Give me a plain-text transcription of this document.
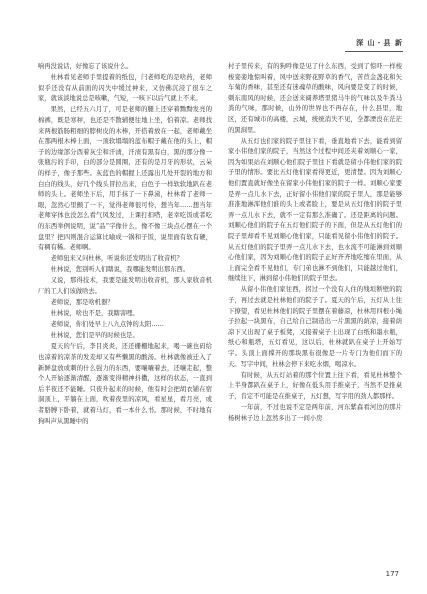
深 山・县 新

响再没说话，好像忘了该说什么。

杜林看见老师手里提着的纸包，闩老师吃的是啥药，老师似乎还没有从前面的闪失中缓过神来，又仿佛沉浸了很车之家，就该淡地说总是咳嗽，气短，一咳下以后气就上不来。

果然，已经五六月了，可是老师的腿上还穿着黝黝发亮的棉裤，既是寒秤，也还是不散辅便往地上坐，怕着凉。老师找来两根筋肠粗细的脖树皮的木棒，开搭着放在一起，老师戴坐在那两根木棒上面，一顶软塌塌的蓝布帽子戴在他的头上，帽子的边缘部分酉着灰尘和汗渍，汗渍有黑有白，黑的那分像一张瓶污的手印，白的部分是圆圈，还有的是月牙的形状，云朵的样子，像子那些。灰蓝色的帽握上还露出几处开裂的地方和白白的线头，好几个线头冒拉出来，白色子一样软软地趴在老师的头上。老师坐下后，用手抹了一下鼻涕，杜林看了老师一眼，忽然心里颤了一下，觉得老师很可怜，想当年……想当年老师穿体也没怎么看气风发过，上课打扣嗒，老幸吃饭或者吃的东西举例说明，说“品”字像什么，像不像三块点心摆在一个盘里？把四则混合运算比喻成一锅和子饭，说里面有软有硬，有稠有稀。老师啊。

老师狃来又问杜林，听说你还发明出了收音机？

杜林说，您别听人们瞎说，我哪能发明出那东西。

又说，那得技术，我要是能发明出收音机，那人家收音机厂的工人们该做啥去。

老师说，那是啥机器？

杜林说，啥也不是，我瞎害哩。

老师说，你们处早上八九点钟的太阳……

杜林说，您们是早的时候也是。

夏天的午后，李目炎炎，还还栅栅地起来，喝一碗也码给也凉着的凉茶的发麦却又有些懒黑的酸汤。杜林就像被迁入了新鲜盘放或刺的什么强力的东西，要嚷嚷着去，还嚷走起，整个人开始逐渐清醒，逐渐变得精神抖擞，这样的状态，一直到后半夜还不能睡。只夜升起来的时候，他有时会把胡衣铺在宿洞顶上，平躺在上面，吹着夜里的凉风，看星星，看月亮，或者胳膊下卧着，就着马灯，看一本什么书。那时候，不时地有狗叫声从黑睡中的

村子里传来，有的狗吽像是见了什么东西，受到了惊吓一样梭梭娈娈地惊叫着，风中送来野花野草的香气，苦苣金盏花和矢车菊的香味，甚至还有迷魂草的酸味，风向要是变了的时候，刺东南风的时候，还会送来阔养塔里猪马牛的气味以及牛粪马粪的气味，那时候，山外的世界也不再存在，什么县里，地区，还有城市的高楼，云城，统统消失不见，全都湮没在茫茫的黑洞里。

从五灯也们家的院子里往下看，垂直地看下去，能看到留家小伟他们家的院子，当然这个过程中间还夹着刘顺心一家，因为如果站在刘顺心他们院子里往下看就是留小伟他们家的院子里的情形。要比五灯他们家看得更近，更清楚。因为刘顺心他们置直就好像坐在留家小伟他们家的院子一样。刘顺心家要是弄一点儿水下去，正好留小伟他们家的院子里人，那是能够准准地淋浑他们谁的头上或者脸上，要是从五灯他们的院子里弄一点儿水下去，就不一定有那么准确了。还是距离的问题。刘顺心他们的院子在五灯他们院子的下面，但是从五灯他们的院子里却看不见刘顺心他们家，只能看见留小伟他们的院子。从五灯他们的院子里弄一点儿水下去，也水流不可能淋到刘顺心他们家，因为刘顺心他们的院子正好齐齐地吃缩在里面，从上面完全看不见他们，专门弟也淋不到他们，只能越过他们，继续往下，淋到留小伟他们的院子里去。

从留小伟他们家往西，拐过一个没有人住的残垣断壁的院子，再过去就是杜林他们的院子了。夏天的午后，五灯从上往下撩望，看见杜林他们的院子里摆在着藤凉，杜林用四根小绳子拉起一块黑布，自己给自己制造出一片黑黑的荫凉，接着荫凉下又出现了桌子板凳，又接着桌子上出现了白纸和墨水瓶，纸心和瓶塔，五灯看见，这以后，杜林就趴在桌子上开始写字。头顶上面撑开的那块黑布很像是一片专门为他们而下的天。写字中间，杜林会停下来吃水烟，喝凉水。

有时候，从五灯站着的那个位置上往下看，看见杜林整个上半身都趴在桌子上，好像在低头用手推桌子，当然不是推桌子，肯定不可能是在推桌子，五灯想，写字用的劲人都那样。

一年前，不过也说不定是两年前，河东紫森看河边的那片杨树林子边上忽然多出了一间小房

177
